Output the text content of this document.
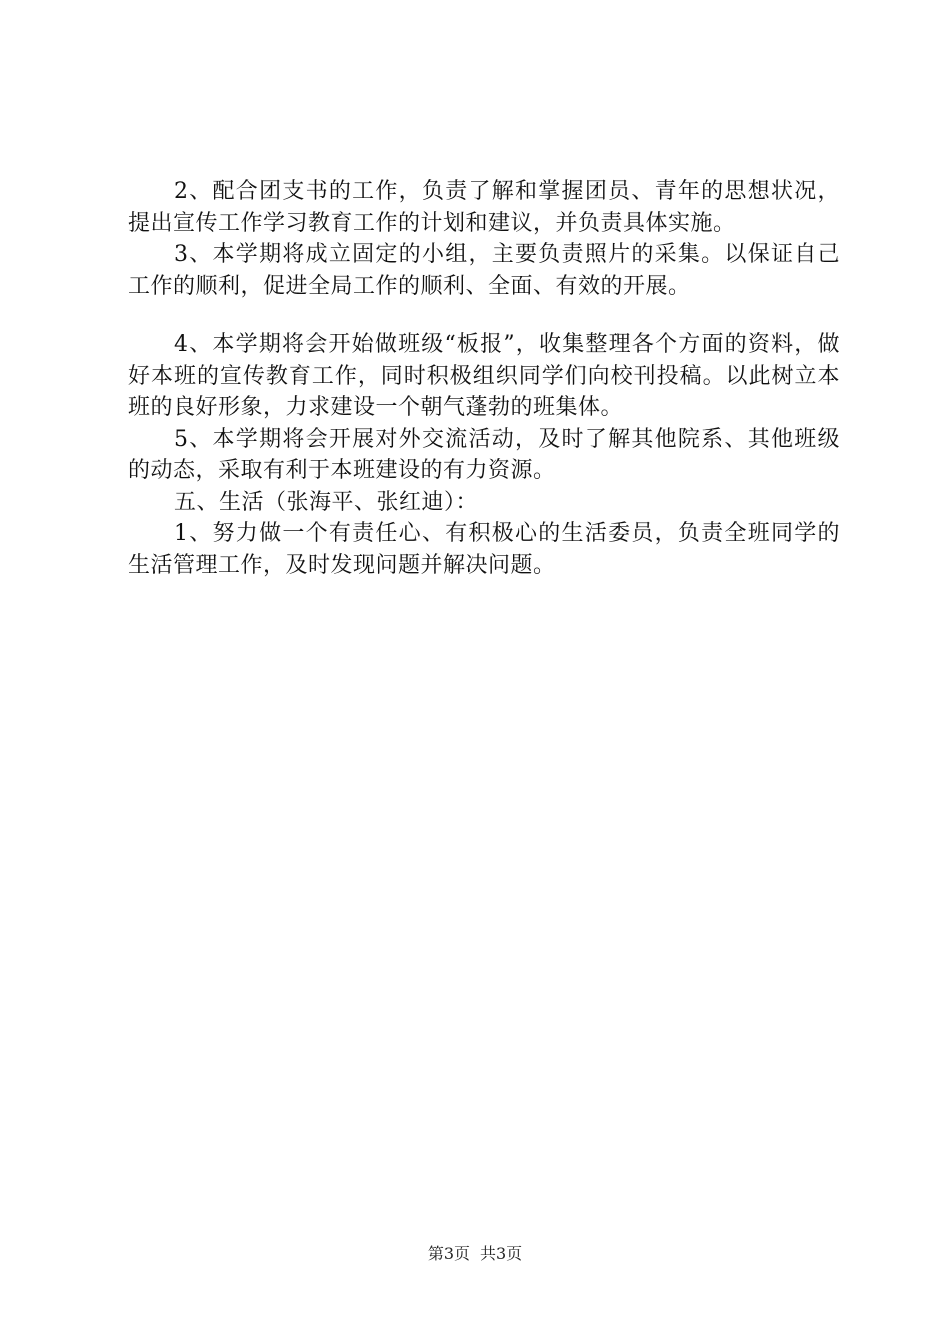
2、配合团支书的工作，负责了解和掌握团员、青年的思想状况，提出宣传工作学习教育工作的计划和建议，并负责具体实施。

3、本学期将成立固定的小组，主要负责照片的采集。以保证自己工作的顺利，促进全局工作的顺利、全面、有效的开展。

4、本学期将会开始做班级“板报”，收集整理各个方面的资料，做好本班的宣传教育工作，同时积极组织同学们向校刊投稿。以此树立本班的良好形象，力求建设一个朝气蓬勃的班集体。

5、本学期将会开展对外交流活动，及时了解其他院系、其他班级的动态，采取有利于本班建设的有力资源。

五、生活（张海平、张红迪）：

1、努力做一个有责任心、有积极心的生活委员，负责全班同学的生活管理工作，及时发现问题并解决问题。

第3页 共3页
